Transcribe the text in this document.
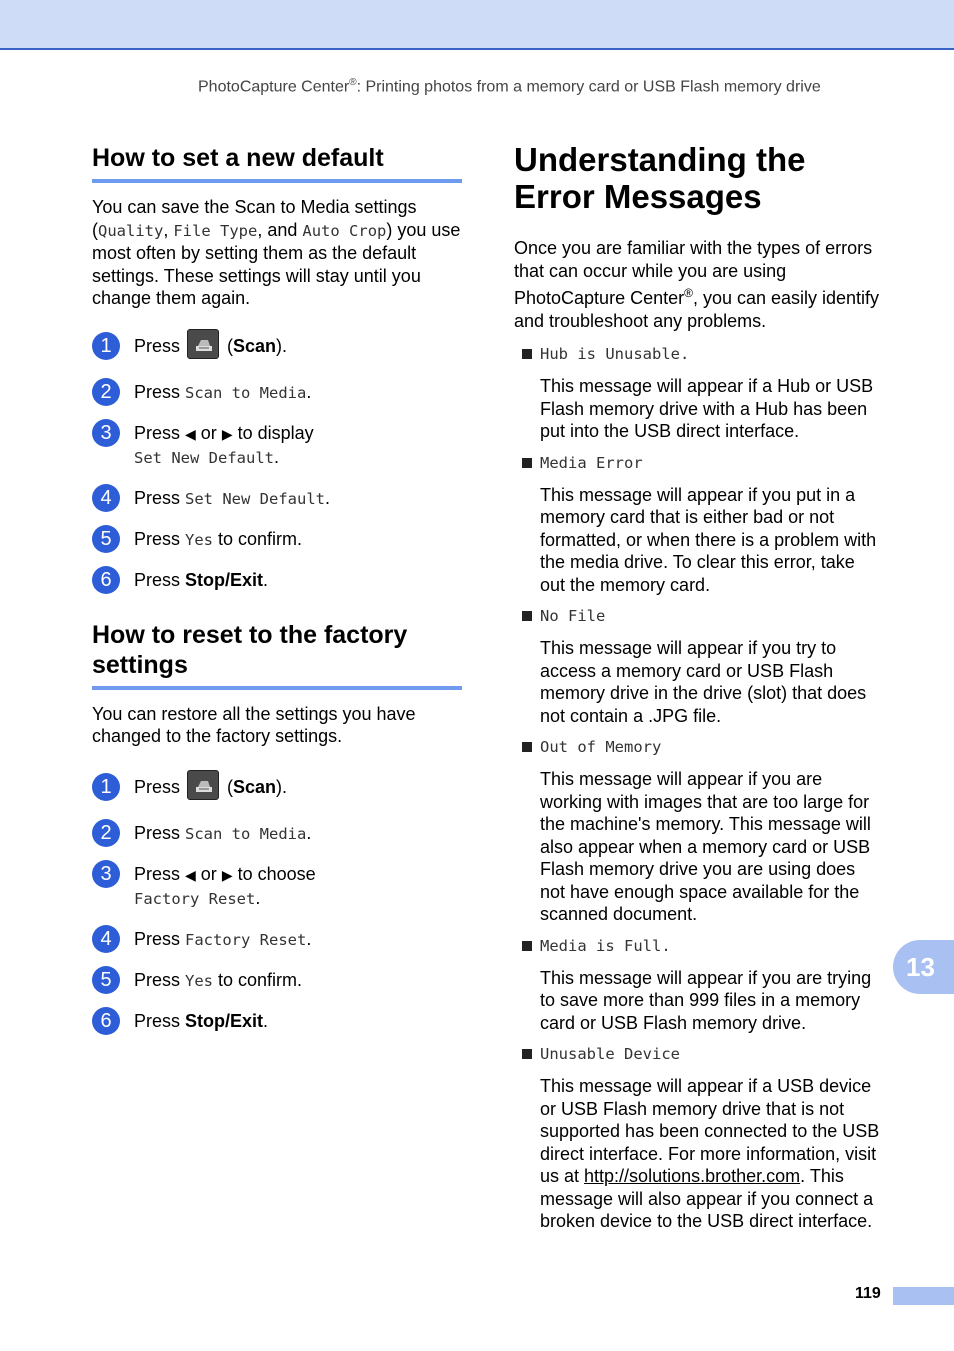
PhotoCapture Center®: Printing photos from a memory card or USB Flash memory drive
How to set a new default

You can save the Scan to Media settings (Quality, File Type, and Auto Crop) you use most often by setting them as the default settings. These settings will stay until you change them again.

1	Press
(Scan).
2	Press Scan to Media.
3	Press ◀ or ▶ to display
Set New Default.
4	Press Set New Default.
5	Press Yes to confirm.
6	Press Stop/Exit.
How to reset to the factory settings

You can restore all the settings you have changed to the factory settings.

1	Press
(Scan).
2	Press Scan to Media.
3	Press ◀ or ▶ to choose
Factory Reset.
4	Press Factory Reset.
5	Press Yes to confirm.
6	Press Stop/Exit.
Understanding the Error Messages

Once you are familiar with the types of errors that can occur while you are using PhotoCapture Center®, you can easily identify and troubleshoot any problems.

Hub is Unusable.

This message will appear if a Hub or USB Flash memory drive with a Hub has been put into the USB direct interface.

Media Error

This message will appear if you put in a memory card that is either bad or not formatted, or when there is a problem with the media drive. To clear this error, take out the memory card.

No File

This message will appear if you try to access a memory card or USB Flash memory drive in the drive (slot) that does not contain a .JPG file.

Out of Memory

This message will appear if you are working with images that are too large for the machine's memory. This message will also appear when a memory card or USB Flash memory drive you are using does not have enough space available for the scanned document.

Media is Full.

This message will appear if you are trying to save more than 999 files in a memory card or USB Flash memory drive.

Unusable Device

This message will appear if a USB device or USB Flash memory drive that is not supported has been connected to the USB direct interface. For more information, visit us at http://solutions.brother.com. This message will also appear if you connect a broken device to the USB direct interface.

13
119
